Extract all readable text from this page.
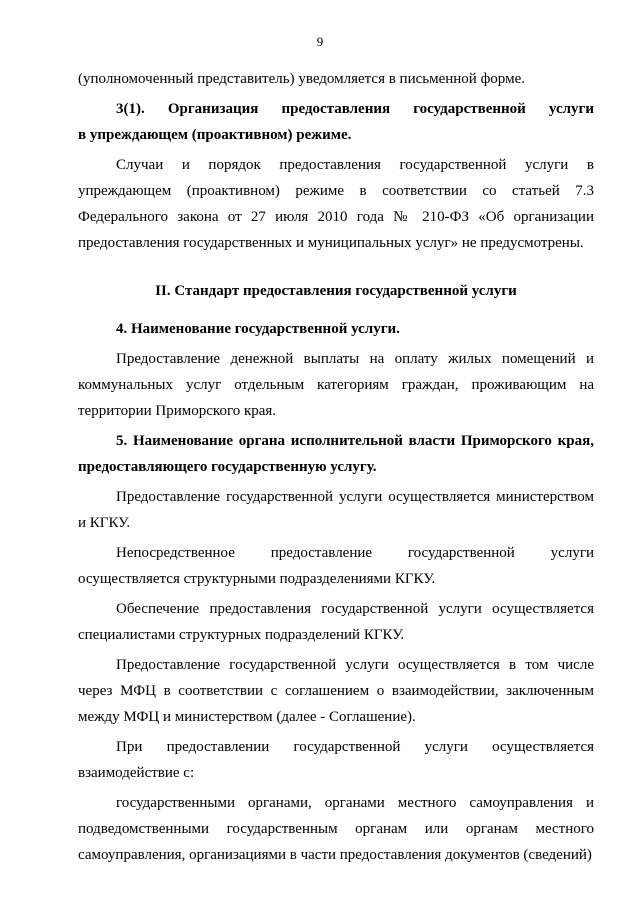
9

(уполномоченный представитель) уведомляется в письменной форме.

3(1). Организация предоставления государственной услуги

в упреждающем (проактивном) режиме.

Случаи и порядок предоставления государственной услуги в упреждающем (проактивном) режиме в соответствии со статьей 7.3 Федерального закона от 27 июля 2010 года № 210-ФЗ «Об организации предоставления государственных и муниципальных услуг» не предусмотрены.

II. Стандарт предоставления государственной услуги

4. Наименование государственной услуги.

Предоставление денежной выплаты на оплату жилых помещений и коммунальных услуг отдельным категориям граждан, проживающим на территории Приморского края.

5. Наименование органа исполнительной власти Приморского края, предоставляющего государственную услугу.

Предоставление государственной услуги осуществляется министерством и КГКУ.

Непосредственное предоставление государственной услуги осуществляется структурными подразделениями КГКУ.

Обеспечение предоставления государственной услуги осуществляется специалистами структурных подразделений КГКУ.

Предоставление государственной услуги осуществляется в том числе через МФЦ в соответствии с соглашением о взаимодействии, заключенным между МФЦ и министерством (далее - Соглашение).

При предоставлении государственной услуги осуществляется взаимодействие с:

государственными органами, органами местного самоуправления и подведомственными государственным органам или органам местного самоуправления, организациями в части предоставления документов (сведений)
